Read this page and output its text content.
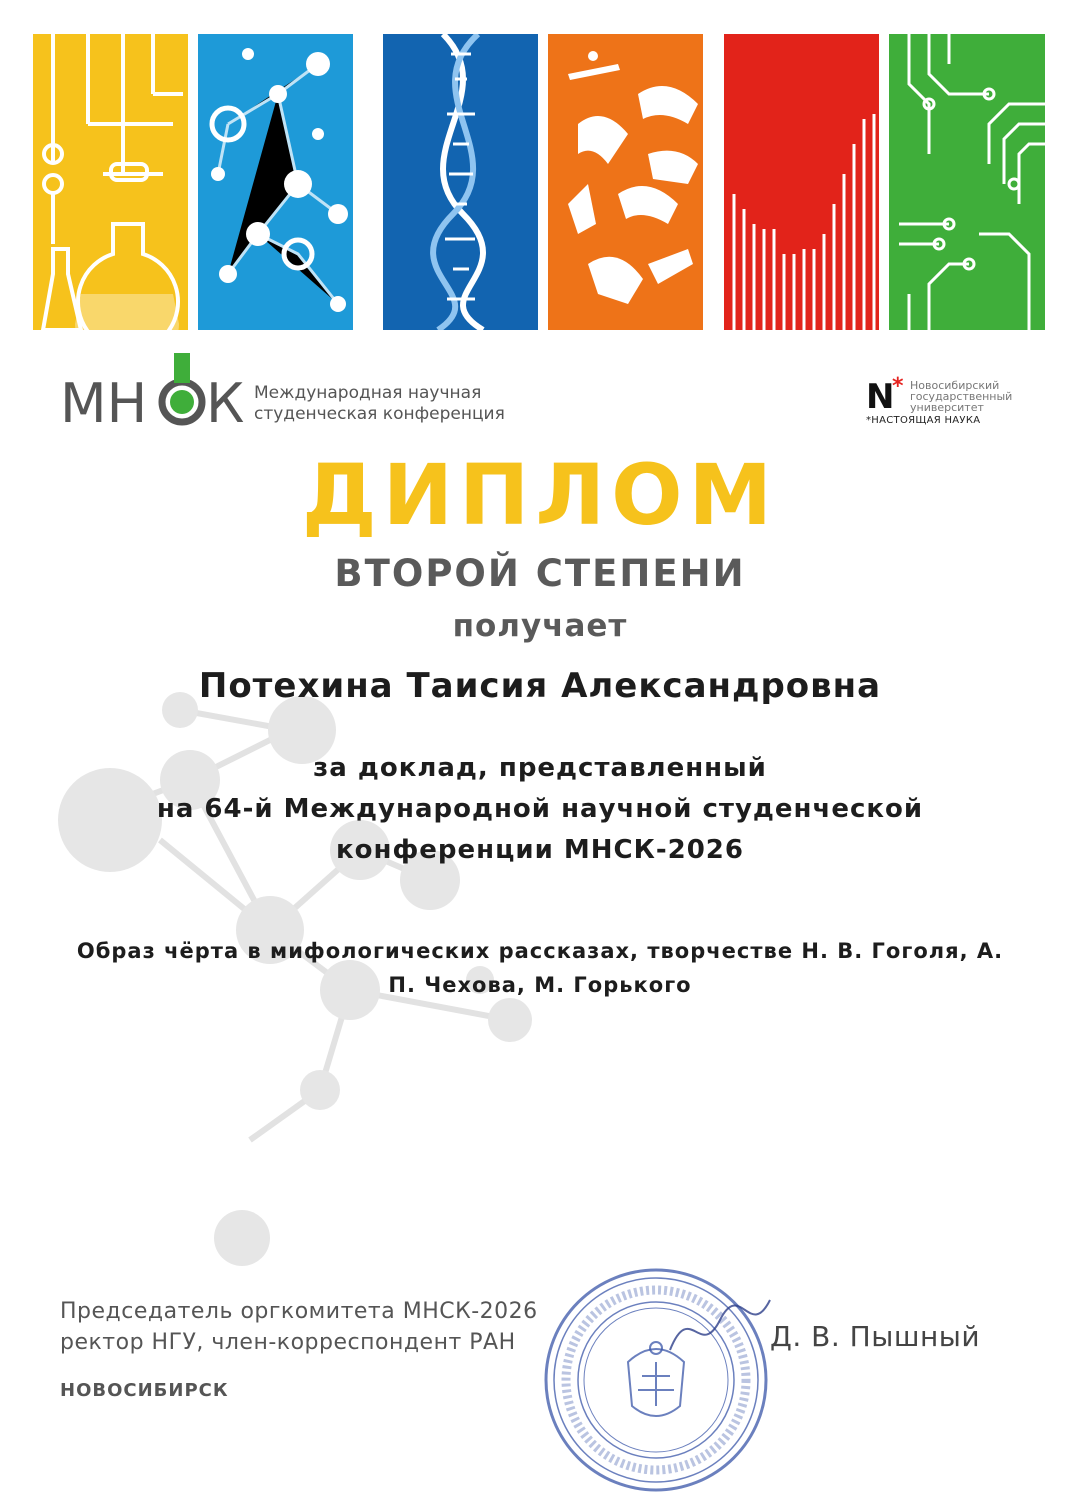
МН К Международная научная
студенческая конференция	N
* Новосибирский
государственный
университет
*НАСТОЯЩАЯ НАУКА
ДИПЛОМ
ВТОРОЙ СТЕПЕНИ
получает
Потехина Таисия Александровна
за доклад, представленный
на 64-й Международной научной студенческой
конференции МНСК-2026
Образ чёрта в мифологических рассказах, творчестве Н. В. Гоголя, А.
П. Чехова, М. Горького
Председатель оргкомитета МНСК-2026
ректор НГУ, член-корреспондент РАН
НОВОСИБИРСК
Д. В. Пышный
